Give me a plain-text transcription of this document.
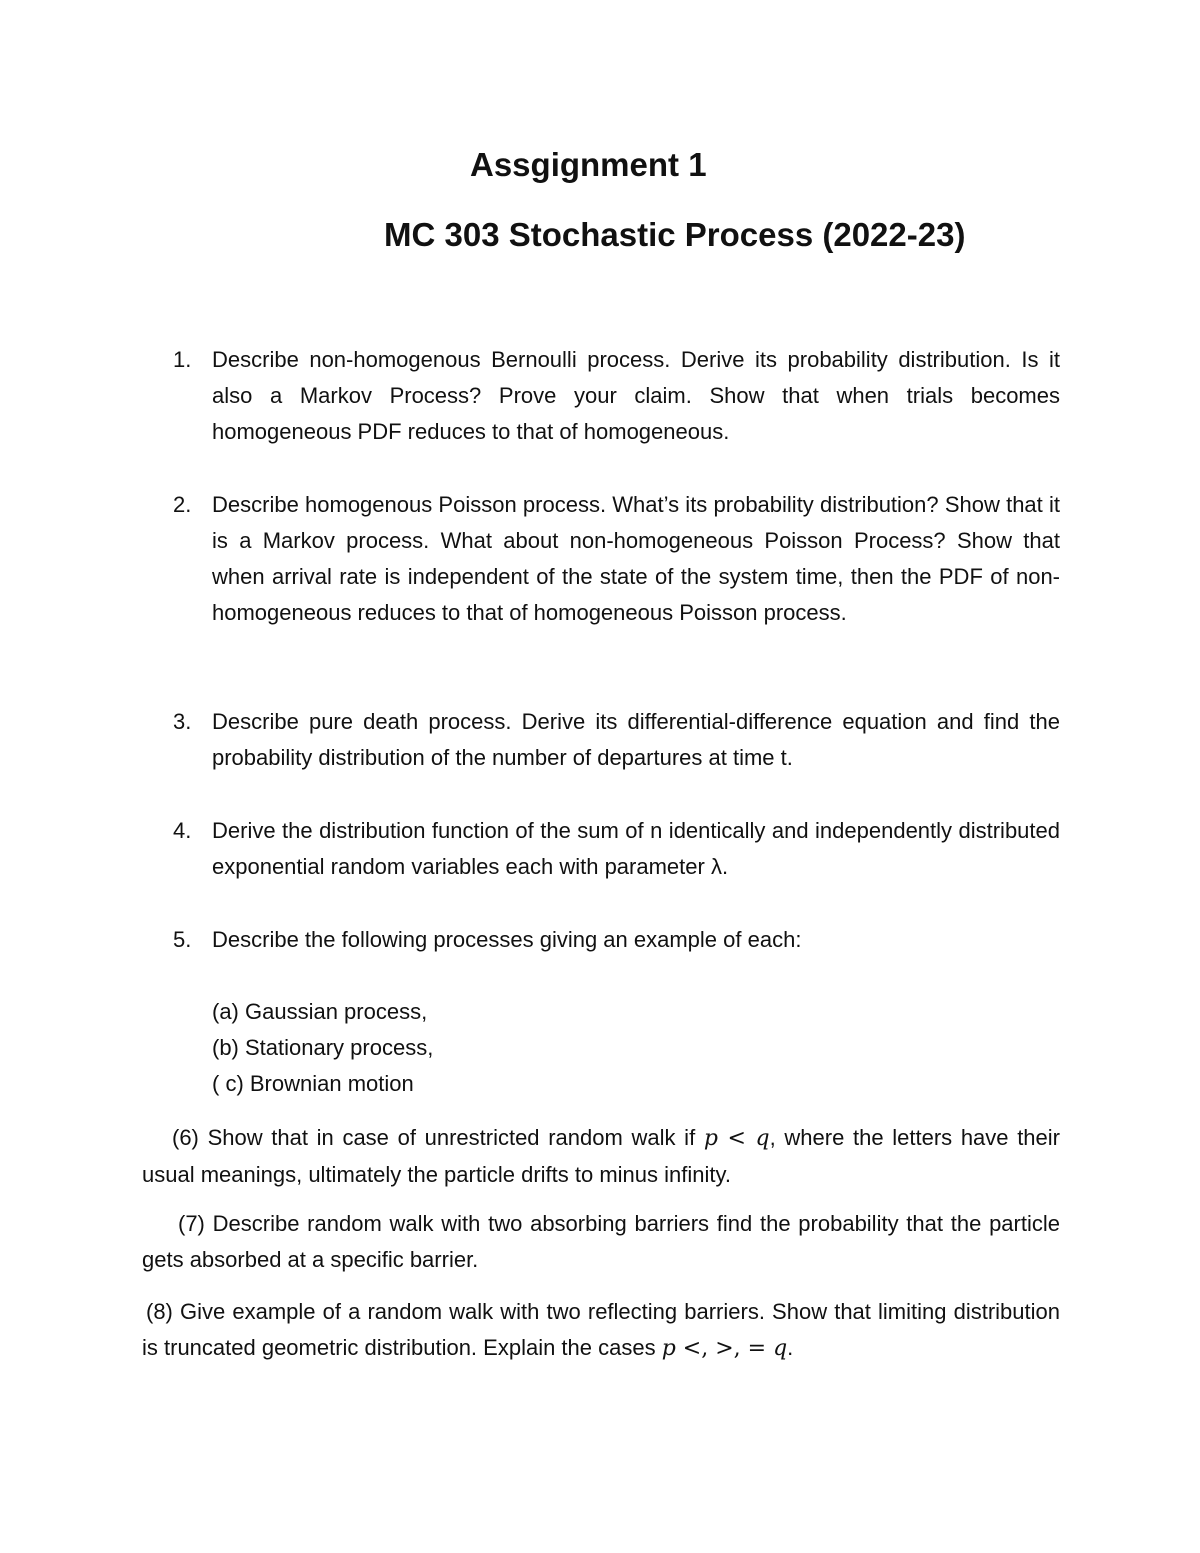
Assgignment 1
MC 303 Stochastic Process (2022-23)
1. Describe non-homogenous Bernoulli process. Derive its probability distribution. Is it also a Markov Process? Prove your claim. Show that when trials becomes homogeneous PDF reduces to that of homogeneous.
2. Describe homogenous Poisson process. What’s its probability distribution? Show that it is a Markov process. What about non-homogeneous Poisson Process? Show that when arrival rate is independent of the state of the system time, then the PDF of non-homogeneous reduces to that of homogeneous Poisson process.
3. Describe pure death process. Derive its differential-difference equation and find the probability distribution of the number of departures at time t.
4. Derive the distribution function of the sum of n identically and independently distributed exponential random variables each with parameter λ.
5. Describe the following processes giving an example of each:
(a) Gaussian process,
(b) Stationary process,
( c) Brownian motion
(6) Show that in case of unrestricted random walk if p < q, where the letters have their usual meanings, ultimately the particle drifts to minus infinity.
(7) Describe random walk with two absorbing barriers find the probability that the particle gets absorbed at a specific barrier.
(8) Give example of a random walk with two reflecting barriers. Show that limiting distribution is truncated geometric distribution. Explain the cases p <, >, = q.
